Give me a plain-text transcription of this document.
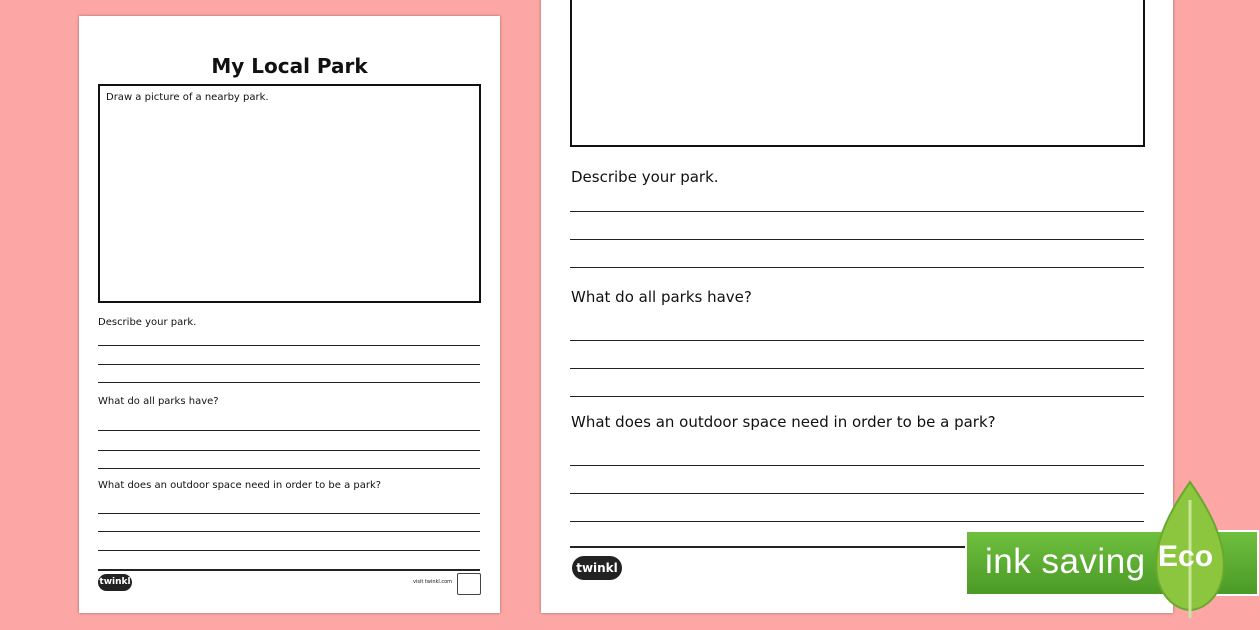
My Local Park
Draw a picture of a nearby park.
Describe your park.
What do all parks have?
What does an outdoor space need in order to be a park?
twinkl	visit twinkl.com
Describe your park.
What do all parks have?
What does an outdoor space need in order to be a park?
twinkl	ink saving Eco
